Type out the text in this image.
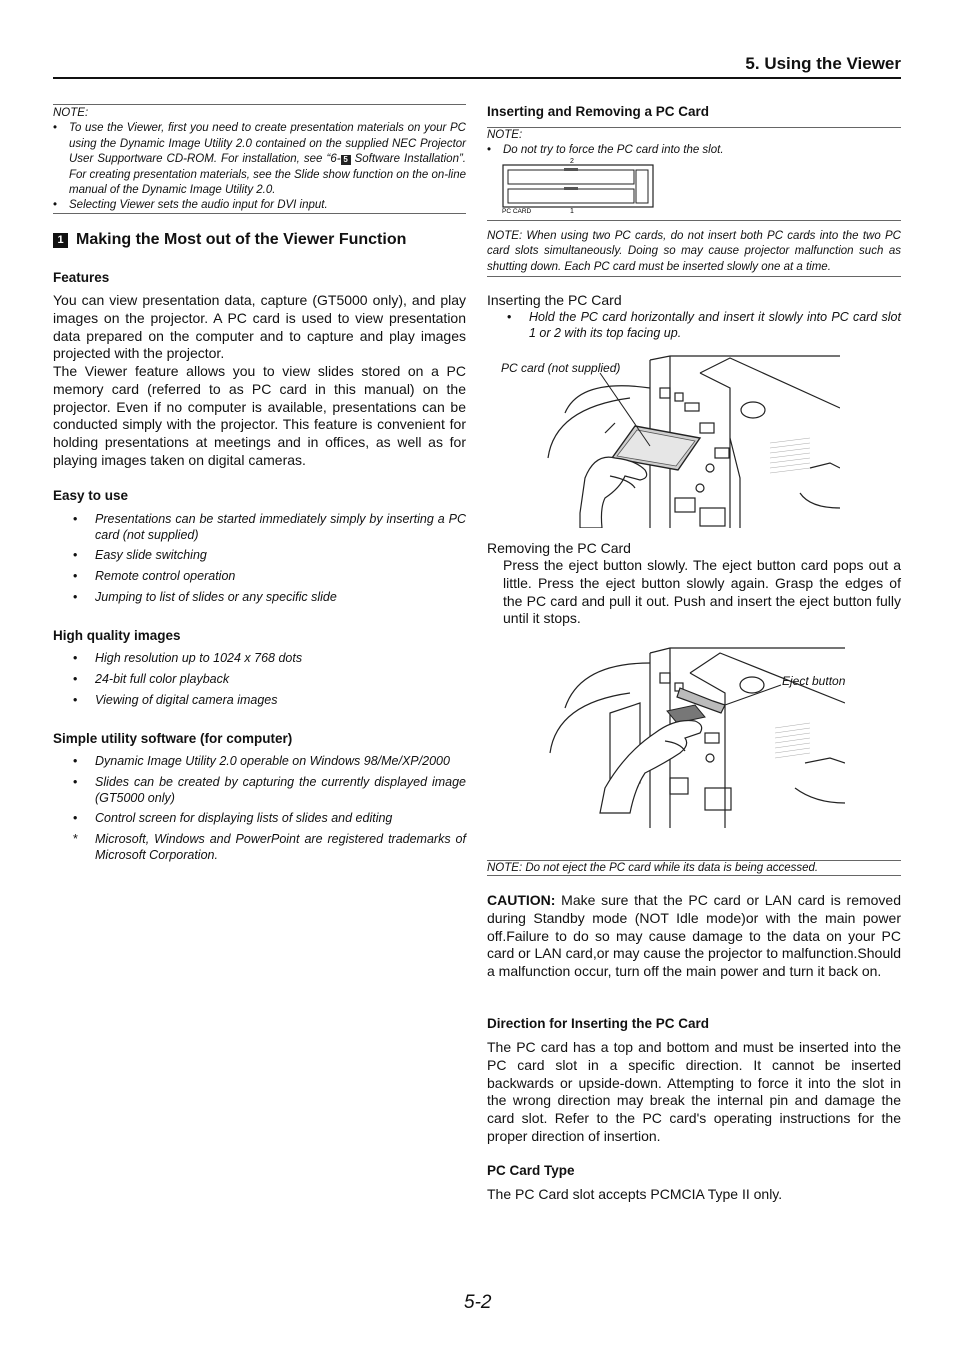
5. Using the Viewer
NOTE:
• To use the Viewer, first you need to create presentation materials on your PC using the Dynamic Image Utility 2.0 contained on the supplied NEC Projector User Supportware CD-ROM. For installation, see “6- 5 Software Installation”. For creating presentation materials, see the Slide show function on the on-line manual of the Dynamic Image Utility 2.0.
• Selecting Viewer sets the audio input for DVI input.
1 Making the Most out of the Viewer Function
Features
You can view presentation data, capture (GT5000 only), and play images on the projector. A PC card is used to view presentation data prepared on the computer and to capture and play images projected with the projector.
The Viewer feature allows you to view slides stored on a PC memory card (referred to as PC card in this manual) on the projector. Even if no computer is available, presentations can be conducted simply with the projector. This feature is convenient for holding presentations at meetings and in offices, as well as for playing images taken on digital cameras.
Easy to use
• Presentations can be started immediately simply by inserting a PC card (not supplied)
• Easy slide switching
• Remote control operation
• Jumping to list of slides or any specific slide
High quality images
• High resolution up to 1024 x 768 dots
• 24-bit full color playback
• Viewing of digital camera images
Simple utility software (for computer)
• Dynamic Image Utility 2.0 operable on Windows 98/Me/XP/2000
• Slides can be created by capturing the currently displayed image (GT5000 only)
• Control screen for displaying lists of slides and editing
* Microsoft, Windows and PowerPoint are registered trademarks of Microsoft Corporation.
Inserting and Removing a PC Card
NOTE:
• Do not try to force the PC card into the slot.
2
PC CARD	1
NOTE: When using two PC cards, do not insert both PC cards into the two PC card slots simultaneously. Doing so may cause projector malfunction such as shutting down. Each PC card must be inserted slowly one at a time.
Inserting the PC Card
• Hold the PC card horizontally and insert it slowly into PC card slot 1 or 2 with its top facing up.
PC card (not supplied)
Removing the PC Card
Press the eject button slowly. The eject button card pops out a little. Press the eject button slowly again. Grasp the edges of the PC card and pull it out. Push and insert the eject button fully until it stops.
Eject button
NOTE: Do not eject the PC card while its data is being accessed.
CAUTION: Make sure that the PC card or LAN card is removed during Standby mode (NOT Idle mode)or with the main power off.Failure to do so may cause damage to the data on your PC card or LAN card,or may cause the projector to malfunction.Should a malfunction occur, turn off the main power and turn it back on.
Direction for Inserting the PC Card
The PC card has a top and bottom and must be inserted into the PC card slot in a specific direction. It cannot be inserted backwards or upside-down. Attempting to force it into the slot in the wrong direction may break the internal pin and damage the card slot. Refer to the PC card's operating instructions for the proper direction of insertion.
PC Card Type
The PC Card slot accepts PCMCIA Type II only.
5-2
